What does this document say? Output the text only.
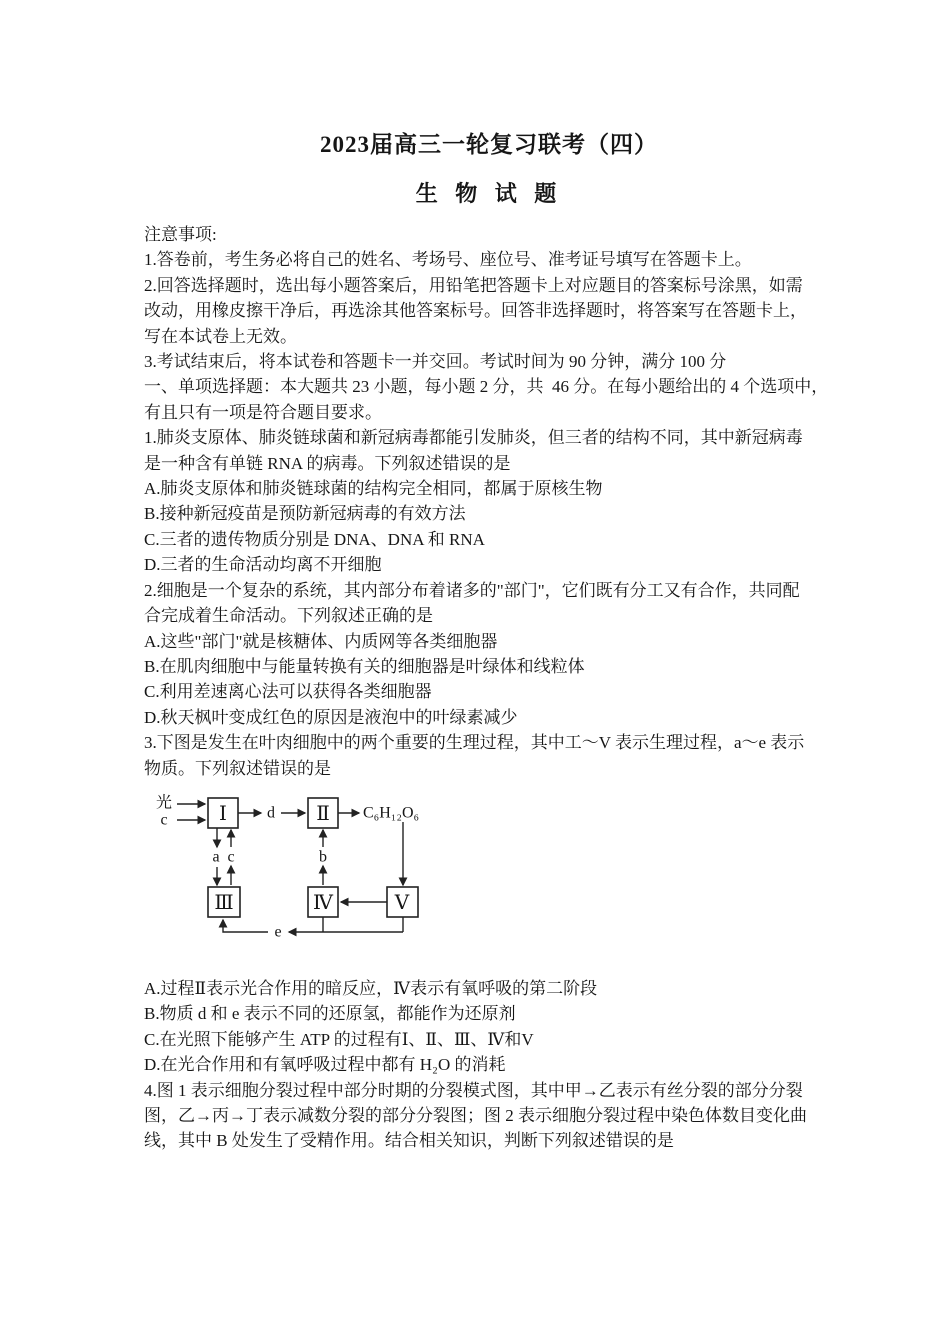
2023届高三一轮复习联考（四）
生 物 试 题
注意事项:
1.答卷前，考生务必将自己的姓名、考场号、座位号、准考证号填写在答题卡上。
2.回答选择题时，选出每小题答案后，用铅笔把答题卡上对应题目的答案标号涂黑，如需
改动，用橡皮擦干净后，再选涂其他答案标号。回答非选择题时，将答案写在答题卡上，
写在本试卷上无效。
3.考试结束后，将本试卷和答题卡一并交回。考试时间为 90 分钟，满分 100 分
一、单项选择题：本大题共 23 小题，每小题 2 分，共  46 分。在每小题给出的 4 个选项中，
有且只有一项是符合题目要求。
1.肺炎支原体、肺炎链球菌和新冠病毒都能引发肺炎，但三者的结构不同，其中新冠病毒
是一种含有单链 RNA 的病毒。下列叙述错误的是
A.肺炎支原体和肺炎链球菌的结构完全相同，都属于原核生物
B.接种新冠疫苗是预防新冠病毒的有效方法
C.三者的遗传物质分别是 DNA、DNA 和 RNA
D.三者的生命活动均离不开细胞
2.细胞是一个复杂的系统，其内部分布着诸多的"部门"，它们既有分工又有合作，共同配
合完成着生命活动。下列叙述正确的是
A.这些"部门"就是核糖体、内质网等各类细胞器
B.在肌肉细胞中与能量转换有关的细胞器是叶绿体和线粒体
C.利用差速离心法可以获得各类细胞器
D.秋天枫叶变成红色的原因是液泡中的叶绿素减少
3.下图是发生在叶肉细胞中的两个重要的生理过程，其中工～V 表示生理过程，a～e 表示
物质。下列叙述错误的是
光
c	Ⅰ	Ⅱ
Ⅲ	Ⅳ	Ⅴ
d
a c	b
e
C₆H₁₂O₆
A.过程Ⅱ表示光合作用的暗反应，Ⅳ表示有氧呼吸的第二阶段
B.物质 d 和 e 表示不同的还原氢，都能作为还原剂
C.在光照下能够产生 ATP 的过程有Ⅰ、Ⅱ、Ⅲ、Ⅳ和V
D.在光合作用和有氧呼吸过程中都有 H₂O 的消耗
4.图 1 表示细胞分裂过程中部分时期的分裂模式图，其中甲→乙表示有丝分裂的部分分裂
图，乙→丙→丁表示减数分裂的部分分裂图；图 2 表示细胞分裂过程中染色体数目变化曲
线，其中 B 处发生了受精作用。结合相关知识，判断下列叙述错误的是
